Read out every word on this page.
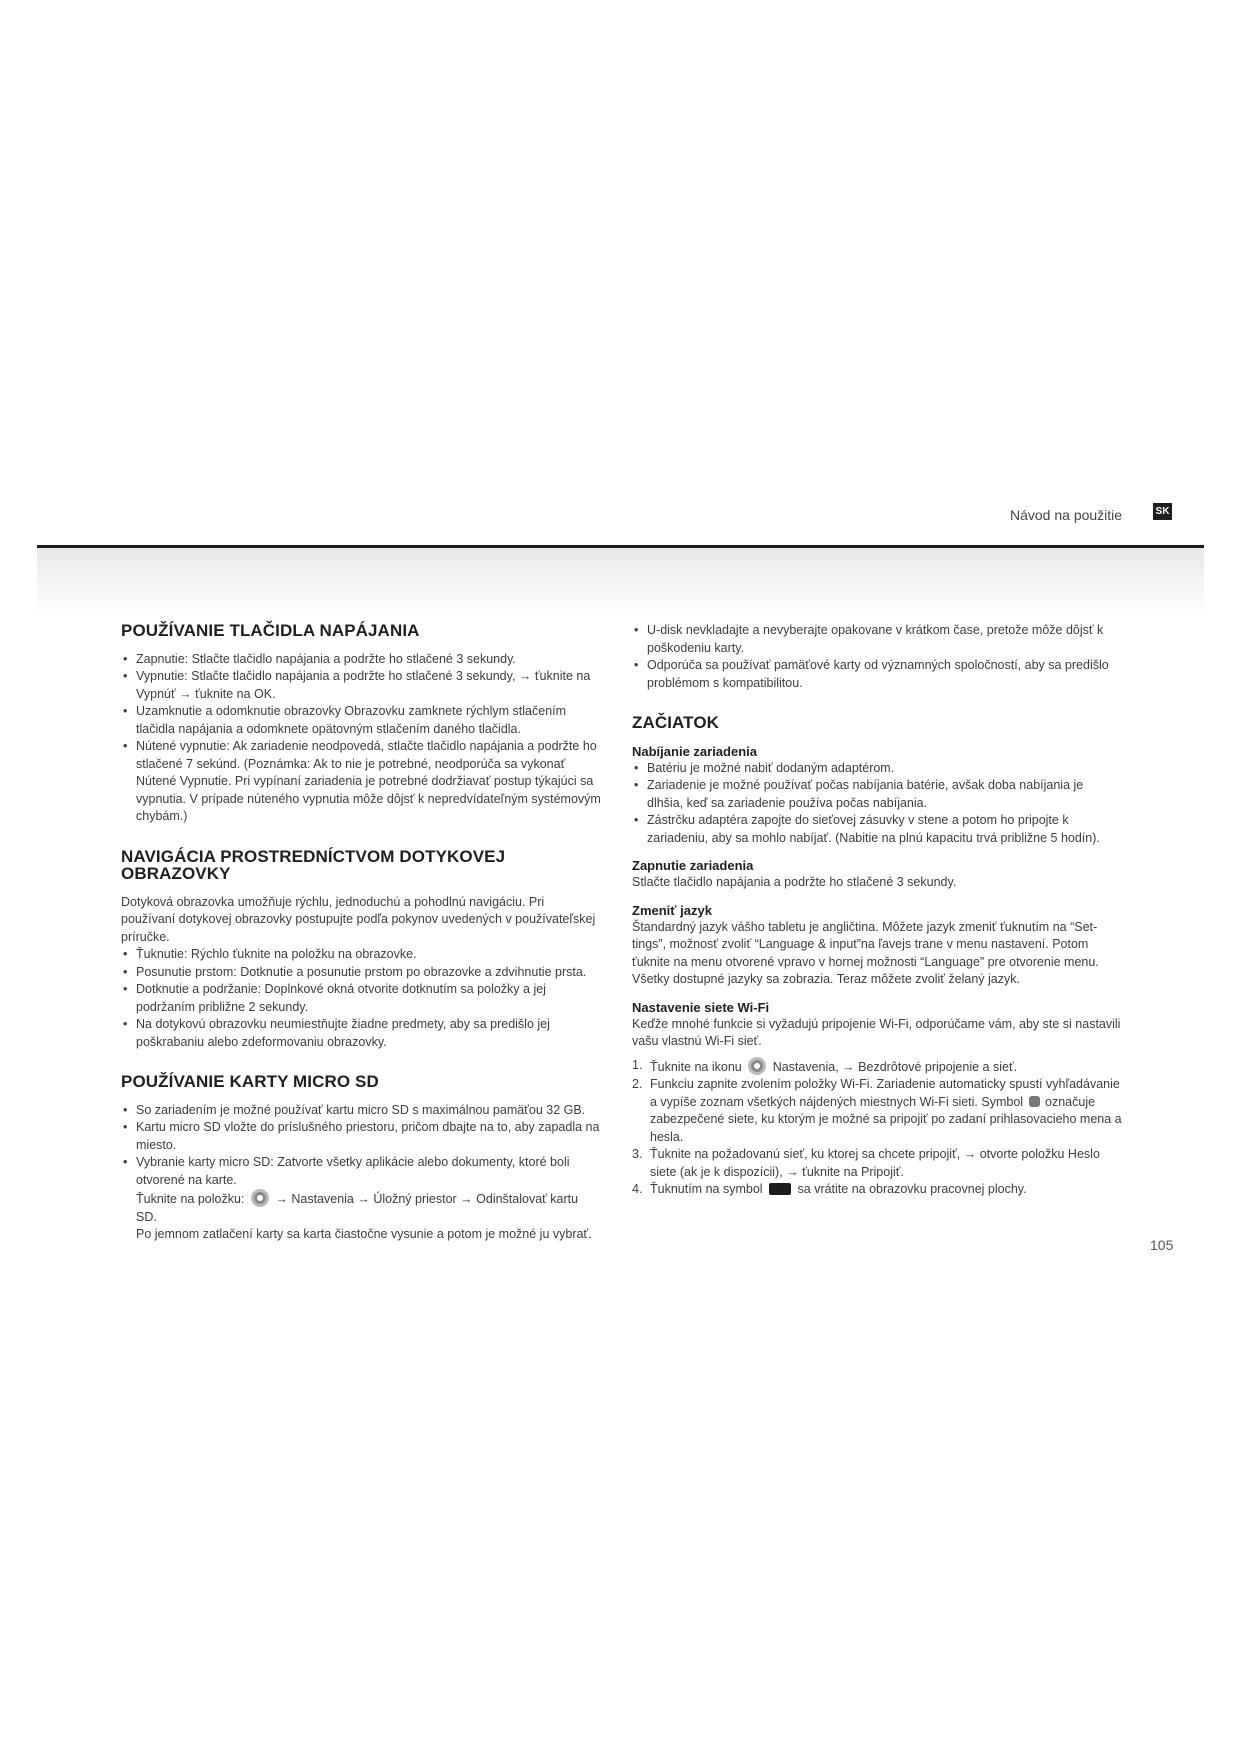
Návod na použitie	SK
POUŽÍVANIE TLAČIDLA NAPÁJANIA
• Zapnutie: Stlačte tlačidlo napájania a podržte ho stlačené 3 sekundy.
• Vypnutie: Stlačte tlačidlo napájania a podržte ho stlačené 3 sekundy, → ťuknite na Vypnúť → ťuknite na OK.
• Uzamknutie a odomknutie obrazovky Obrazovku zamknete rýchlym stlačením tlačidla napájania a odomknete opätovným stlačením daného tlačidla.
• Nútené vypnutie: Ak zariadenie neodpovedá, stlačte tlačidlo napájania a podržte ho stlačené 7 sekúnd. (Poznámka: Ak to nie je potrebné, neodporúča sa vykonať Nútené Vypnutie. Pri vypínaní zariadenia je potrebné dodržiavať postup týkajúci sa vypnutia. V prípade núteného vypnutia môže dôjsť k nepredvídateľným systémovým chybám.)
NAVIGÁCIA PROSTREDNÍCTVOM DOTYKOVEJ OBRAZOVKY

Dotyková obrazovka umožňuje rýchlu, jednoduchú a pohodlnú navigáciu. Pri používaní dotykovej obrazovky postupujte podľa pokynov uvedených v používateľskej príručke.

• Ťuknutie: Rýchlo ťuknite na položku na obrazovke.
• Posunutie prstom: Dotknutie a posunutie prstom po obrazovke a zdvihnutie prsta.
• Dotknutie a podržanie: Doplnkové okná otvorite dotknutím sa položky a jej podržaním približne 2 sekundy.
• Na dotykovú obrazovku neumiestňujte žiadne predmety, aby sa predišlo jej poškrabaniu alebo zdeformovaniu obrazovky.
POUŽÍVANIE KARTY MICRO SD
• So zariadením je možné používať kartu micro SD s maximálnou pamäťou 32 GB.
• Kartu micro SD vložte do príslušného priestoru, pričom dbajte na to, aby zapadla na miesto.
• Vybranie karty micro SD: Zatvorte všetky aplikácie alebo dokumenty, ktoré boli otvorené na karte.
Ťuknite na položku: → Nastavenia → Úložný priestor → Odinštalovať kartu SD.
Po jemnom zatlačení karty sa karta čiastočne vysunie a potom je možné ju vybrať.
• U-disk nevkladajte a nevyberajte opakovane v krátkom čase, pretože môže dôjsť k poškodeniu karty.
• Odporúča sa používať pamäťové karty od významných spoločností, aby sa predišlo problémom s kompatibilitou.
ZAČIATOK
Nabíjanie zariadenia
• Batériu je možné nabiť dodaným adaptérom.
• Zariadenie je možné používať počas nabíjania batérie, avšak doba nabíjania je dlhšia, keď sa zariadenie používa počas nabíjania.
• Zástrčku adaptéra zapojte do sieťovej zásuvky v stene a potom ho pripojte k zariadeniu, aby sa mohlo nabíjať. (Nabitie na plnú kapacitu trvá približne 5 hodín).
Zapnutie zariadenia

Stlačte tlačidlo napájania a podržte ho stlačené 3 sekundy.

Zmeniť jazyk

Štandardný jazyk vášho tabletu je angličtina. Môžete jazyk zmeniť ťuknutím na “Set-tings”, možnosť zvoliť “Language & input”na ľavejs trane v menu nastavení. Potom ťuknite na menu otvorené vpravo v hornej možnosti “Language” pre otvorenie menu. Všetky dostupné jazyky sa zobrazia. Teraz môžete zvoliť želaný jazyk.

Nastavenie siete Wi-Fi

Keďže mnohé funkcie si vyžadujú pripojenie Wi-Fi, odporúčame vám, aby ste si nastavili vašu vlastnú Wi-Fi sieť.

1. Ťuknite na ikonu Nastavenia, → Bezdrôtové pripojenie a sieť.
2. Funkciu zapnite zvolením položky Wi-Fi. Zariadenie automaticky spustí vyhľadávanie a vypíše zoznam všetkých nájdených miestnych Wi-Fi sieti. Symbol označuje zabezpečené siete, ku ktorým je možné sa pripojiť po zadaní prihlasovacieho mena a hesla.
3. Ťuknite na požadovanú sieť, ku ktorej sa chcete pripojiť, → otvorte položku Heslo siete (ak je k dispozícii), → ťuknite na Pripojiť.
4. Ťuknutím na symbol	sa vrátite na obrazovku pracovnej plochy.
105
